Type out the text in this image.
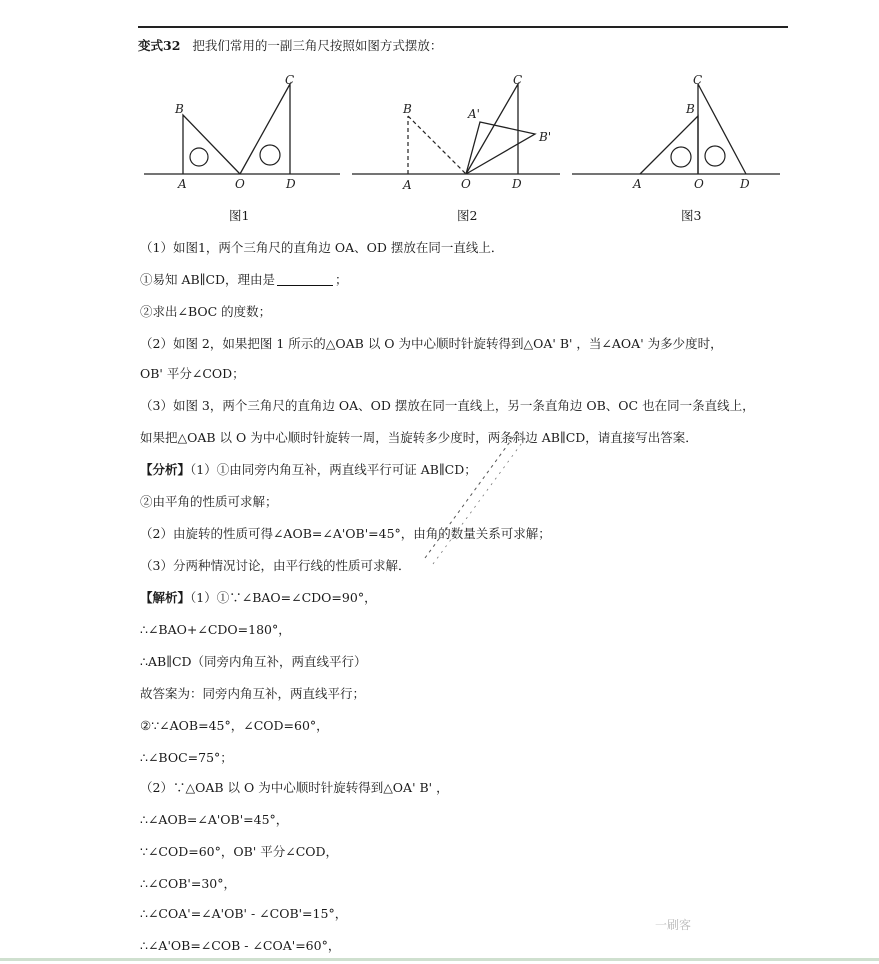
变式32 把我们常用的一副三角尺按照如图方式摆放：
B
C
A	O	D
B	A'
C
B'
A	O	D
C
B
A	O	D
图1	图2	图3
（1）如图1，两个三角尺的直角边 OA、OD 摆放在同一直线上．
①易知 AB∥CD，理由是	；
②求出∠BOC 的度数；
（2）如图 2，如果把图 1 所示的△OAB 以 O 为中心顺时针旋转得到△OA' B' ，当∠AOA' 为多少度时，
OB' 平分∠COD；
（3）如图 3，两个三角尺的直角边 OA、OD 摆放在同一直线上，另一条直角边 OB、OC 也在同一条直线上，
如果把△OAB 以 O 为中心顺时针旋转一周，当旋转多少度时，两条斜边 AB∥CD，请直接写出答案．
【分析】（1）①由同旁内角互补，两直线平行可证 AB∥CD；
②由平角的性质可求解；
（2）由旋转的性质可得∠AOB=∠A'OB'=45°，由角的数量关系可求解；
（3）分两种情况讨论，由平行线的性质可求解．
【解析】（1）①∵∠BAO=∠CDO=90°，
∴∠BAO+∠CDO=180°，
∴AB∥CD（同旁内角互补，两直线平行）
故答案为：同旁内角互补，两直线平行；
②∵∠AOB=45°，∠COD=60°，
∴∠BOC=75°；
（2）∵△OAB 以 O 为中心顺时针旋转得到△OA' B' ，
∴∠AOB=∠A'OB'=45°，
∵∠COD=60°，OB' 平分∠COD，
∴∠COB'=30°，
∴∠COA'=∠A'OB' - ∠COB'=15°，
∴∠A'OB=∠COB - ∠COA'=60°，
一刷客
